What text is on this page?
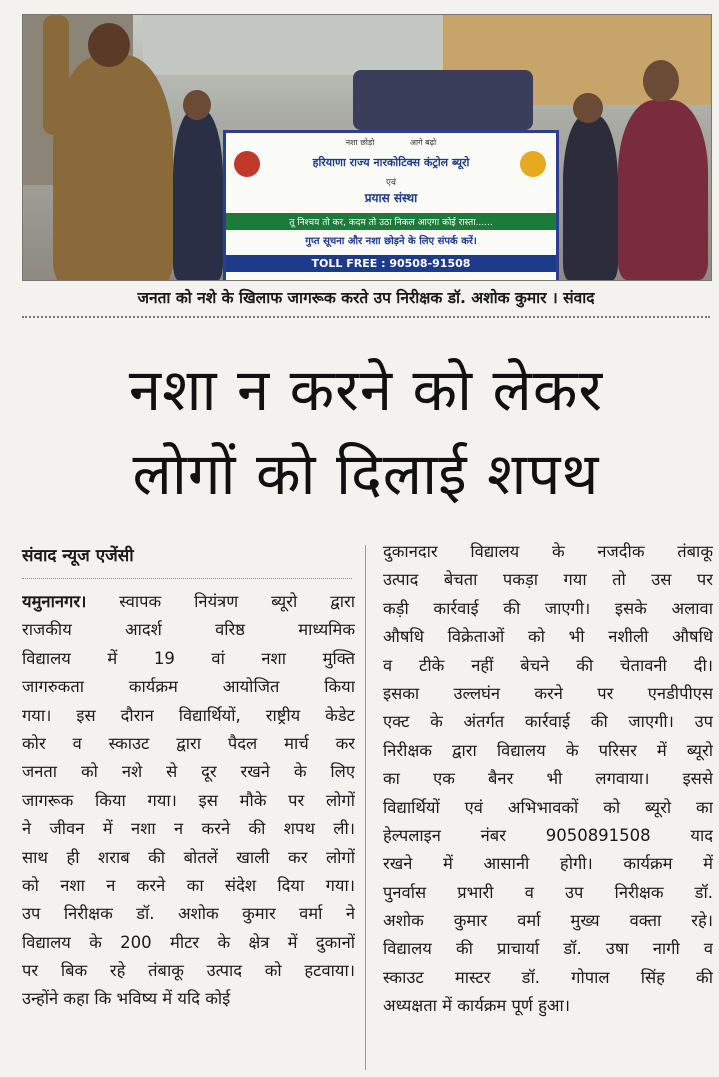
नशा छोड़ो	आगे बढ़ो
हरियाणा राज्य नारकोटिक्स कंट्रोल ब्यूरो
एवं
प्रयास संस्था
तू निश्चय तो कर, कदम तो उठा निकल आएगा कोई रास्ता......
गुप्त सूचना और नशा छोड़ने के लिए संपर्क करें।
TOLL FREE : 90508-91508
जनता को नशे के खिलाफ जागरूक करते उप निरीक्षक डॉ. अशोक कुमार । संवाद
नशा न करने को लेकर
लोगों को दिलाई शपथ
संवाद न्यूज एजेंसी
यमुनानगर। स्वापक नियंत्रण ब्यूरो द्वारा
राजकीय आदर्श वरिष्ठ माध्यमिक
विद्यालय में 19 वां नशा मुक्ति
जागरुकता कार्यक्रम आयोजित किया
गया। इस दौरान विद्यार्थियों, राष्ट्रीय केडेट
कोर व स्काउट द्वारा पैदल मार्च कर
जनता को नशे से दूर रखने के लिए
जागरूक किया गया। इस मौके पर लोगों
ने जीवन में नशा न करने की शपथ ली।
साथ ही शराब की बोतलें खाली कर लोगों
को नशा न करने का संदेश दिया गया।
उप निरीक्षक डॉ. अशोक कुमार वर्मा ने
विद्यालय के 200 मीटर के क्षेत्र में दुकानों
पर बिक रहे तंबाकू उत्पाद को हटवाया।
उन्होंने कहा कि भविष्य में यदि कोई
दुकानदार विद्यालय के नजदीक तंबाकू
उत्पाद बेचता पकड़ा गया तो उस पर
कड़ी कार्रवाई की जाएगी। इसके अलावा
औषधि विक्रेताओं को भी नशीली औषधि
व टीके नहीं बेचने की चेतावनी दी।
इसका उल्लघंन करने पर एनडीपीएस
एक्ट के अंतर्गत कार्रवाई की जाएगी। उप
निरीक्षक द्वारा विद्यालय के परिसर में ब्यूरो
का एक बैनर भी लगवाया। इससे
विद्यार्थियों एवं अभिभावकों को ब्यूरो का
हेल्पलाइन नंबर 9050891508 याद
रखने में आसानी होगी। कार्यक्रम में
पुनर्वास प्रभारी व उप निरीक्षक डॉ.
अशोक कुमार वर्मा मुख्य वक्ता रहे।
विद्यालय की प्राचार्या डॉ. उषा नागी व
स्काउट मास्टर डॉ. गोपाल सिंह की
अध्यक्षता में कार्यक्रम पूर्ण हुआ।
